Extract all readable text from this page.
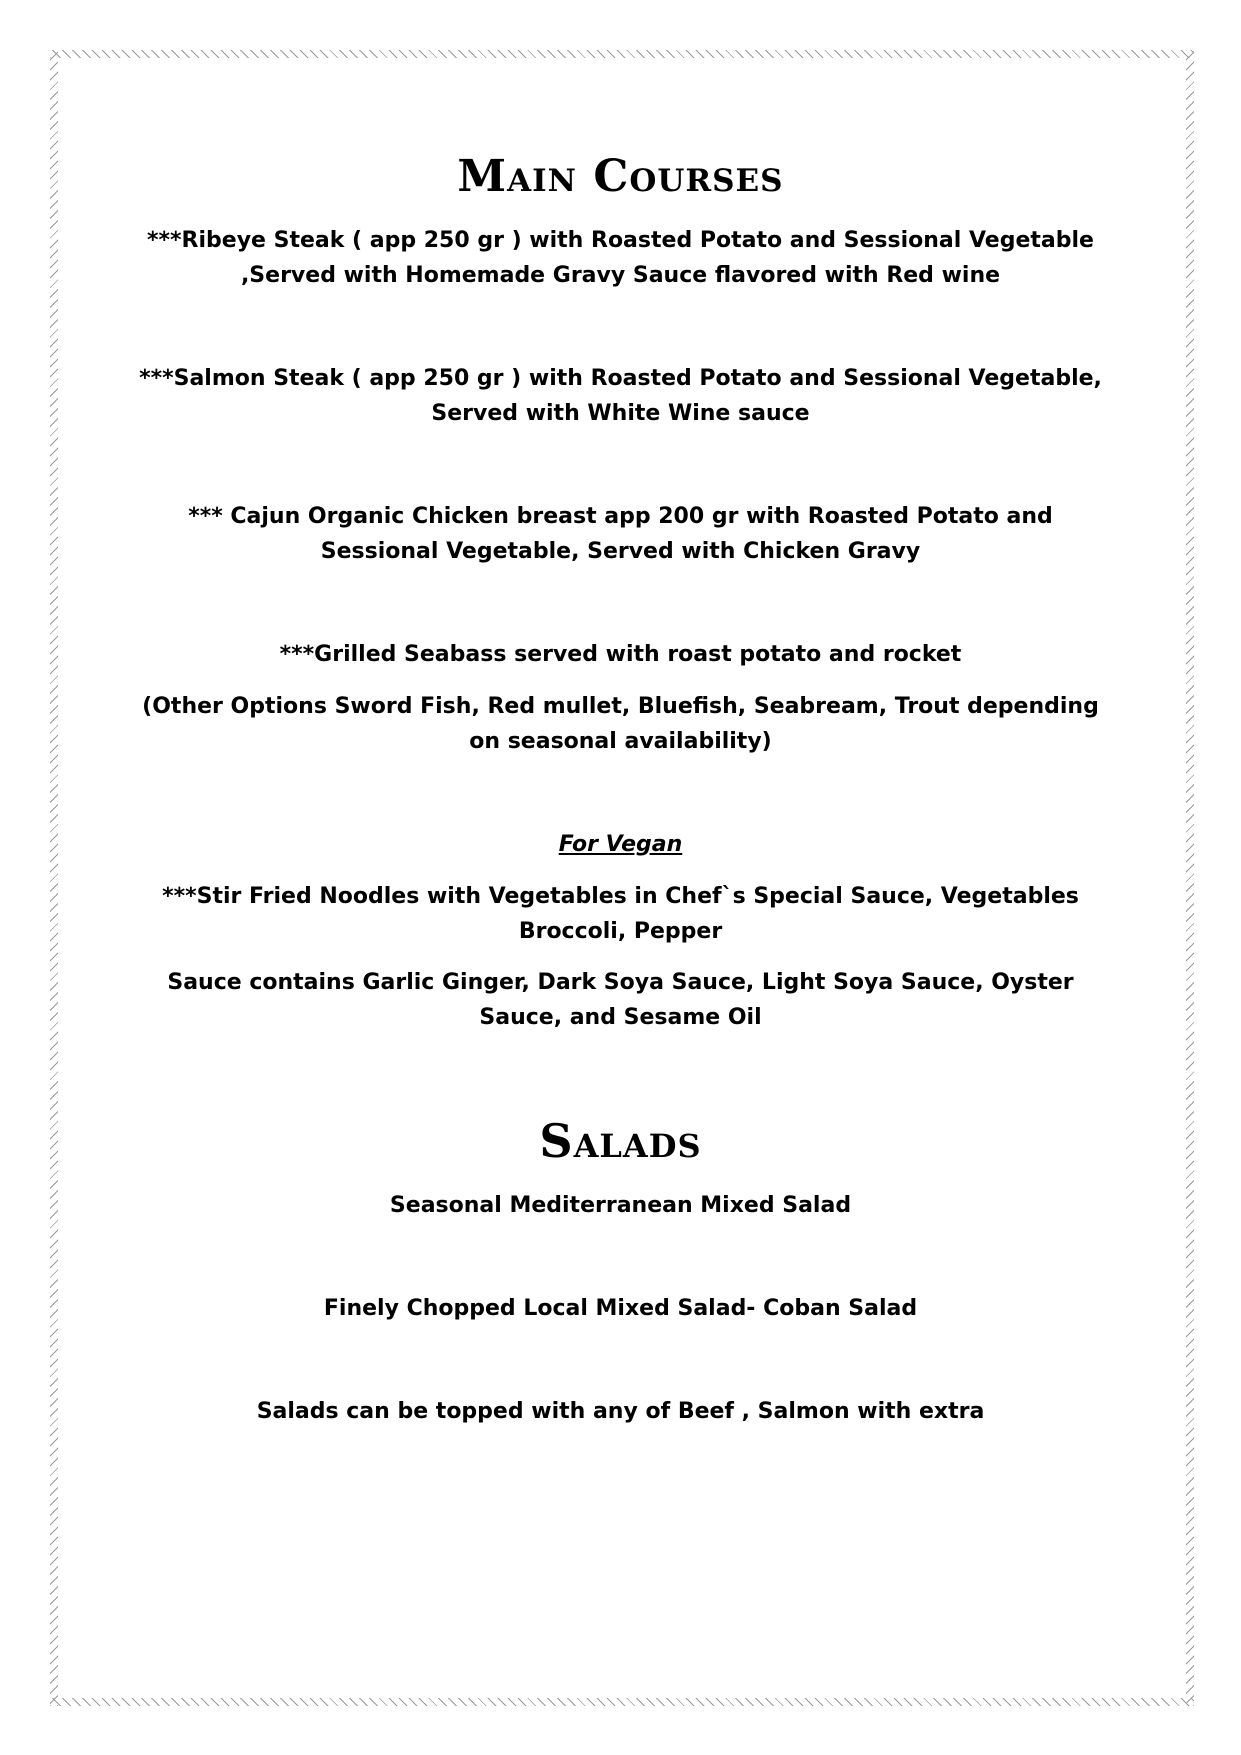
Main Courses

***Ribeye Steak ( app 250 gr ) with Roasted Potato and Sessional Vegetable ,Served with Homemade Gravy Sauce flavored with Red wine

***Salmon Steak ( app 250 gr ) with Roasted Potato and Sessional Vegetable, Served with White Wine sauce

*** Cajun Organic Chicken breast app 200 gr with Roasted Potato and Sessional Vegetable, Served with Chicken Gravy

***Grilled Seabass served with roast potato and rocket

(Other Options Sword Fish, Red mullet, Bluefish, Seabream, Trout depending on seasonal availability)

For Vegan

***Stir Fried Noodles with Vegetables in Chef`s Special Sauce, Vegetables Broccoli, Pepper

Sauce contains Garlic Ginger, Dark Soya Sauce, Light Soya Sauce, Oyster Sauce, and Sesame Oil

Salads

Seasonal Mediterranean Mixed Salad

Finely Chopped Local Mixed Salad- Coban Salad

Salads can be topped with any of Beef , Salmon with extra
